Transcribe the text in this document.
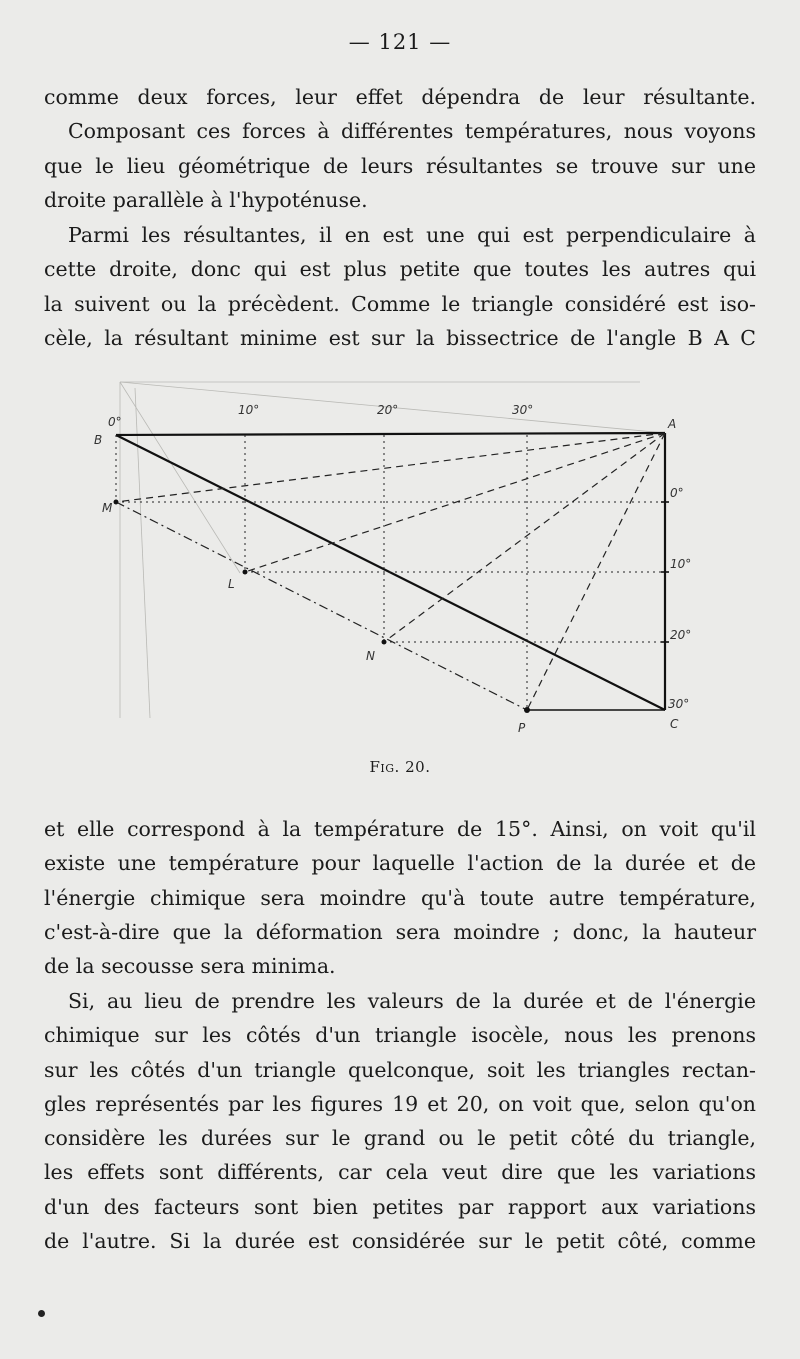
— 121 —
comme deux forces, leur effet dépendra de leur résultante.
Composant ces forces à différentes températures, nous voyons
que le lieu géométrique de leurs résultantes se trouve sur une
droite parallèle à l'hypoténuse.
Parmi les résultantes, il en est une qui est perpendiculaire à
cette droite, donc qui est plus petite que toutes les autres qui
la suivent ou la précèdent. Comme le triangle considéré est iso-
cèle, la résultant minime est sur la bissectrice de l'angle B A C
0°
10°	20°	30°
0°
10°
20°
30°
A
B
C
M
L
N
P
Fig. 20.
et elle correspond à la température de 15°. Ainsi, on voit qu'il
existe une température pour laquelle l'action de la durée et de
l'énergie chimique sera moindre qu'à toute autre température,
c'est-à-dire que la déformation sera moindre ; donc, la hauteur
de la secousse sera minima.
Si, au lieu de prendre les valeurs de la durée et de l'énergie
chimique sur les côtés d'un triangle isocèle, nous les prenons
sur les côtés d'un triangle quelconque, soit les triangles rectan-
gles représentés par les figures 19 et 20, on voit que, selon qu'on
considère les durées sur le grand ou le petit côté du triangle,
les effets sont différents, car cela veut dire que les variations
d'un des facteurs sont bien petites par rapport aux variations
de l'autre. Si la durée est considérée sur le petit côté, comme
